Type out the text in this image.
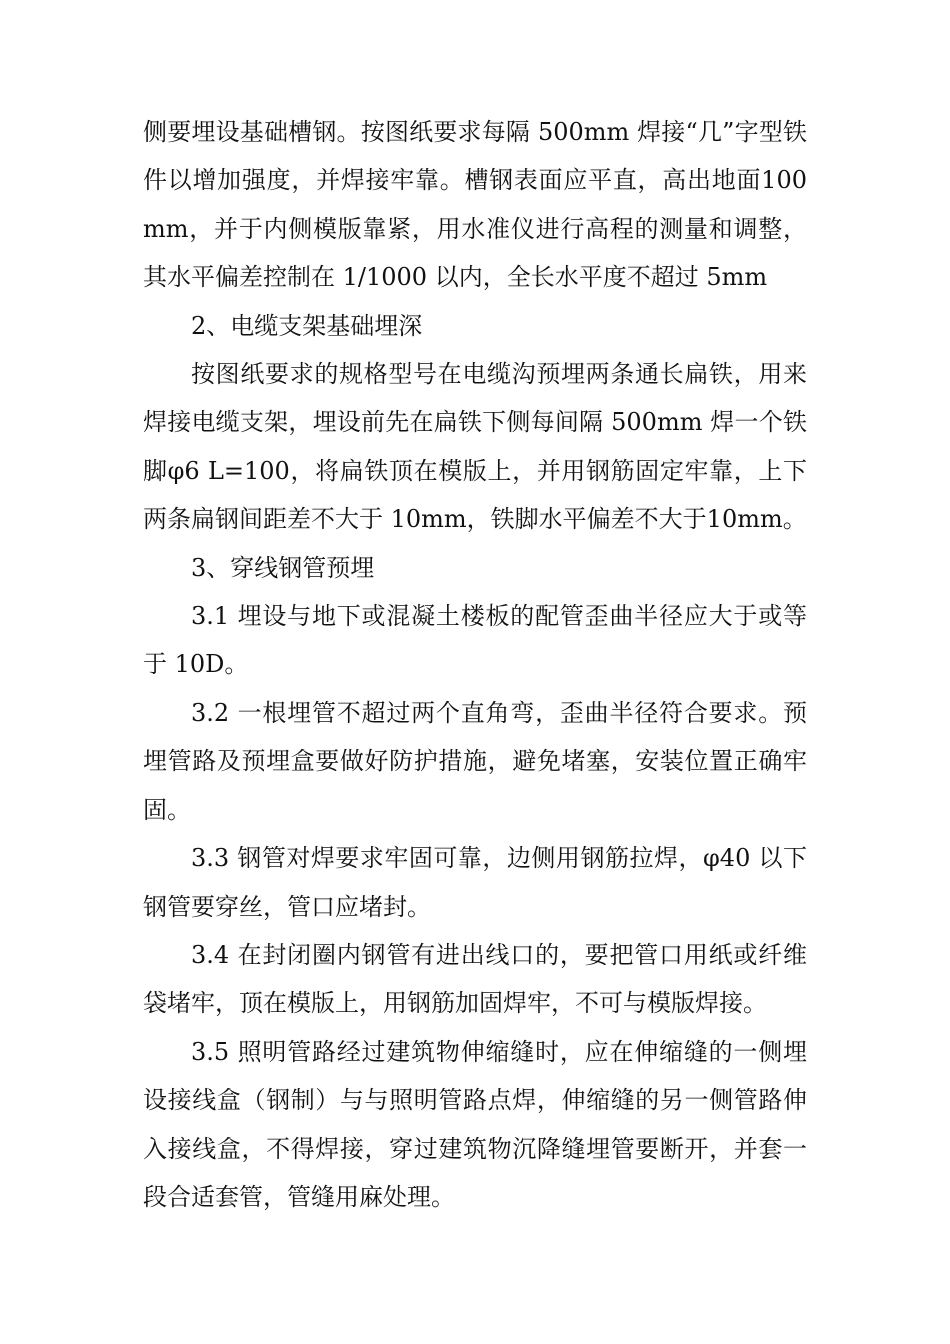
侧要埋设基础槽钢。按图纸要求每隔 500mm 焊接“几”字型铁件以增加强度，并焊接牢靠。槽钢表面应平直，高出地面100mm，并于内侧模版靠紧，用水准仪进行高程的测量和调整，其水平偏差控制在 1/1000 以内，全长水平度不超过 5mm

2、电缆支架基础埋深

按图纸要求的规格型号在电缆沟预埋两条通长扁铁，用来焊接电缆支架，埋设前先在扁铁下侧每间隔 500mm 焊一个铁脚φ6 L=100，将扁铁顶在模版上，并用钢筋固定牢靠，上下两条扁钢间距差不大于 10mm，铁脚水平偏差不大于10mm。

3、穿线钢管预埋

3.1 埋设与地下或混凝土楼板的配管歪曲半径应大于或等于 10D。

3.2 一根埋管不超过两个直角弯，歪曲半径符合要求。预埋管路及预埋盒要做好防护措施，避免堵塞，安装位置正确牢固。

3.3 钢管对焊要求牢固可靠，边侧用钢筋拉焊，φ40 以下钢管要穿丝，管口应堵封。

3.4 在封闭圈内钢管有进出线口的，要把管口用纸或纤维袋堵牢，顶在模版上，用钢筋加固焊牢，不可与模版焊接。

3.5 照明管路经过建筑物伸缩缝时，应在伸缩缝的一侧埋设接线盒（钢制）与与照明管路点焊，伸缩缝的另一侧管路伸入接线盒，不得焊接，穿过建筑物沉降缝埋管要断开，并套一段合适套管，管缝用麻处理。
